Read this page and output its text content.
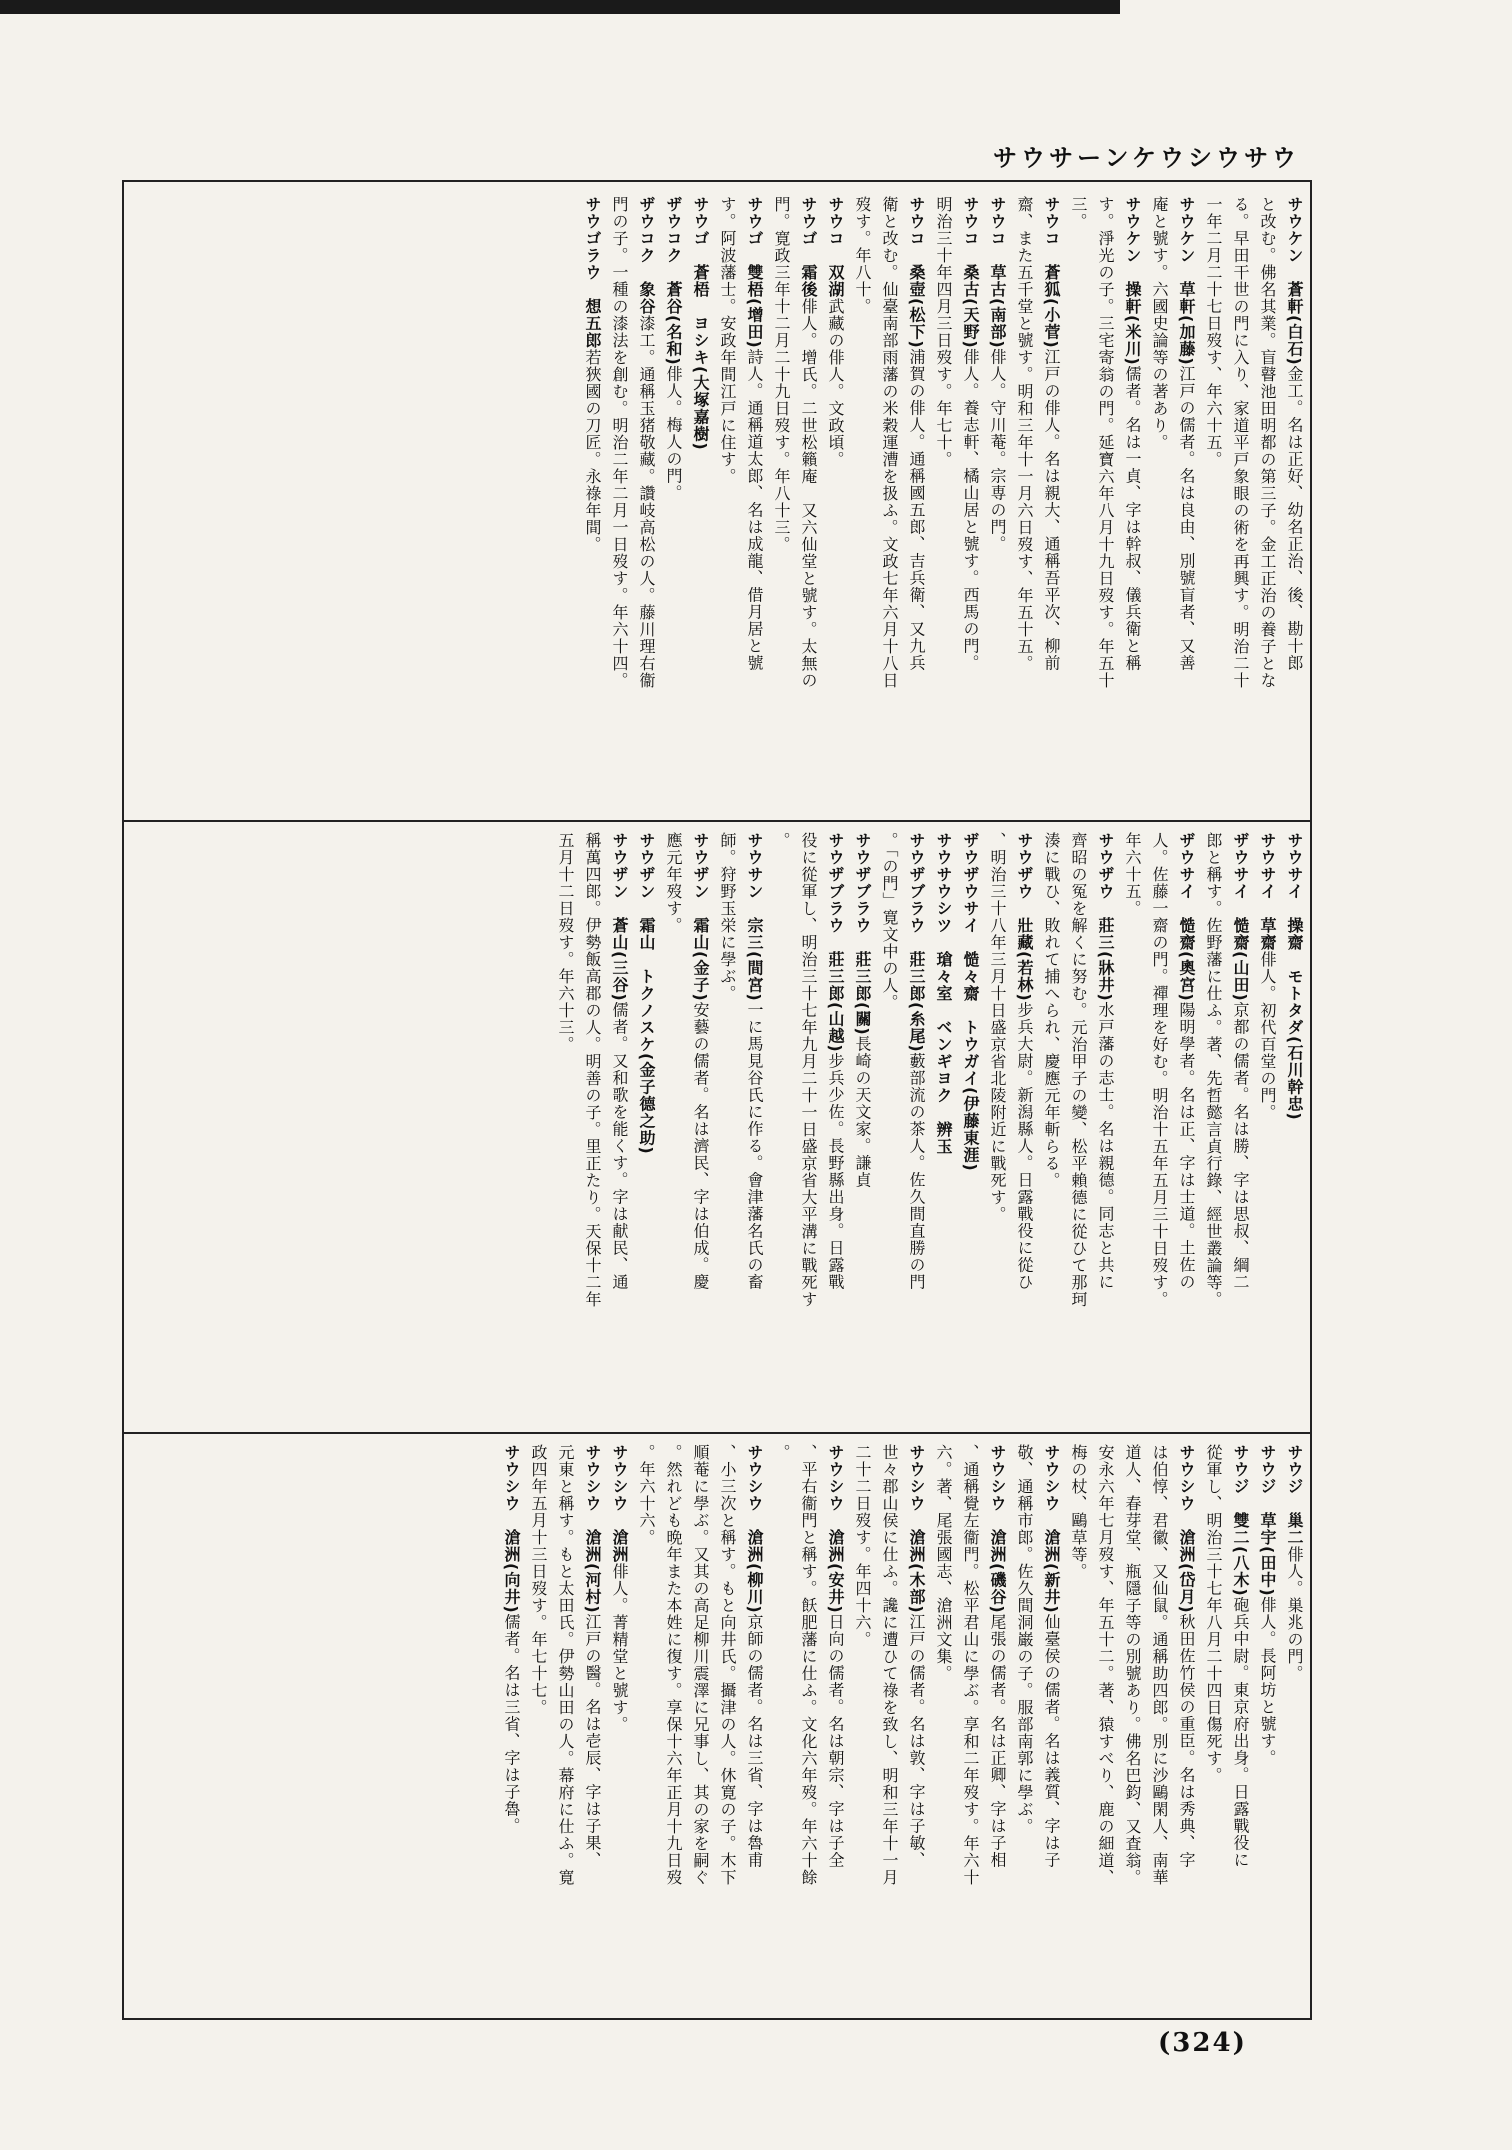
サウサーンケウシウサウ
サウケン　蒼軒(白石)金工。名は正好、幼名正治、後、勘十郎
と改む。佛名其業。盲瞽池田明都の第三子。金工正治の養子とな
る。早田干世の門に入り、家道平戸象眼の術を再興す。明治二十
一年二月二十七日歿す、年六十五。
サウケン　草軒(加藤)江戸の儒者。名は良由、別號盲者、又善
庵と號す。六國史論等の著あり。
サウケン　操軒(米川)儒者。名は一貞、字は幹叔、儀兵衛と稱
す。淨光の子。三宅寄翁の門。延寶六年八月十九日歿す。年五十
三。
サウコ　蒼狐(小菅)江戸の俳人。名は親大、通稱吾平次、柳前
齋、また五千堂と號す。明和三年十一月六日歿す、年五十五。
サウコ　草古(南部)俳人。守川菴。宗専の門。
サウコ　桑古(天野)俳人。養志軒、橘山居と號す。西馬の門。
明治三十年四月三日歿す。年七十。
サウコ　桑壺(松下)浦賀の俳人。通稱國五郎、吉兵衛、又九兵
衛と改む。仙臺南部雨藩の米穀運漕を扱ふ。文政七年六月十八日
歿す。年八十。
サウコ　双湖武藏の俳人。文政頃。
サウゴ　霜後俳人。增氏。二世松籟庵　又六仙堂と號す。太無の
門。寛政三年十二月二十九日歿す。年八十三。
サウゴ　雙梧(增田)詩人。通稱道太郎、名は成龍、借月居と號
す。阿波藩士。安政年間江戸に住す。
サウゴ　蒼梧　ヨシキ(大塚嘉樹)
ザウコク　蒼谷(名和)俳人。梅人の門。
ザウコク　象谷漆工。通稱玉猪敬藏。讚岐高松の人。藤川理右衞
門の子。一種の漆法を創む。明治二年二月一日歿す。年六十四。
サウゴラウ　想五郎若狹國の刀匠。永祿年間。
サウサイ　操齋　モトタダ(石川幹忠)
サウサイ　草齋俳人。初代百堂の門。
ザウサイ　慥齋(山田)京都の儒者。名は勝、字は思叔、綱二
郎と稱す。佐野藩に仕ふ。著、先哲懿言貞行錄、經世叢論等。
ザウサイ　慥齋(奧宮)陽明學者。名は正、字は士道。土佐の
人。佐藤一齋の門。禪理を好む。明治十五年五月三十日歿す。
年六十五。
サウザウ　莊三(牀井)水戸藩の志士。名は親德。同志と共に
齊昭の冤を解くに努む。元治甲子の變、松平賴德に從ひて那珂
湊に戰ひ、敗れて捕へられ、慶應元年斬らる。
サウザウ　壯藏(若林)步兵大尉。新潟縣人。日露戰役に從ひ
、明治三十八年三月十日盛京省北陵附近に戰死す。
ザウザウサイ　慥々齋　トウガイ(伊藤東涯)
サウサウシツ　瑲々室　ベンギヨク　辨玉
サウザブラウ　莊三郎(糸尾)藪部流の茶人。佐久間直勝の門
。「の門」寛文中の人。
サウザブラウ　莊三郎(關)長崎の天文家。謙貞
サウザブラウ　莊三郎(山越)步兵少佐。長野縣出身。日露戰
役に從軍し、明治三十七年九月二十一日盛京省大平溝に戰死す
。
サウサン　宗三(間宮)一に馬見谷氏に作る。會津藩名氏の畜
師。狩野玉栄に學ぶ。
サウザン　霜山(金子)安藝の儒者。名は濟民、字は伯成。慶
應元年歿す。
サウザン　霜山　トクノスケ(金子德之助)
サウザン　蒼山(三谷)儒者。又和歌を能くす。字は献民、通
稱萬四郎。伊勢飯高郡の人。明善の子。里正たり。天保十二年
五月十二日歿す。年六十三。
サウジ　巢二俳人。巣兆の門。
サウジ　草宇(田中)俳人。長阿坊と號す。
サウジ　雙二(八木)砲兵中尉。東京府出身。日露戰役に
從軍し、明治三十七年八月二十四日傷死す。
サウシウ　滄洲(岱月)秋田佐竹侯の重臣。名は秀典、字
は伯惇、君徽、又仙鼠。通稱助四郎。別に沙鷗閑人、南華
道人、春芽堂、瓶隱子等の別號あり。佛名巴鈞、又査翁。
安永六年七月歿す、年五十二。著、猿すべり、鹿の細道、
梅の杖、鷗草等。
サウシウ　滄洲(新井)仙臺侯の儒者。名は義質、字は子
敬、通稱市郎。佐久間洞巌の子。服部南郭に學ぶ。
サウシウ　滄洲(磯谷)尾張の儒者。名は正卿、字は子相
、通稱覺左衞門。松平君山に學ぶ。享和二年歿す。年六十
六。著、尾張國志、滄洲文集。
サウシウ　滄洲(木部)江戸の儒者。名は敦、字は子敏、
世々郡山侯に仕ふ。讒に遭ひて祿を致し、明和三年十一月
二十二日歿す。年四十六。
サウシウ　滄洲(安井)日向の儒者。名は朝宗、字は子全
、平右衞門と稱す。飫肥藩に仕ふ。文化六年歿。年六十餘
。
サウシウ　滄洲(柳川)京師の儒者。名は三省、字は魯甫
、小三次と稱す。もと向井氏。攝津の人。休寛の子。木下
順菴に學ぶ。又其の高足柳川震澤に兄事し、其の家を嗣ぐ
。然れども晩年また本姓に復す。享保十六年正月十九日歿
。年六十六。
サウシウ　滄洲俳人。菁精堂と號す。
サウシウ　滄洲(河村)江戸の醫。名は壱辰、字は子果、
元東と稱す。もと太田氏。伊勢山田の人。幕府に仕ふ。寛
政四年五月十三日歿す。年七十七。
サウシウ　滄洲(向井)儒者。名は三省、字は子魯。
(324)
